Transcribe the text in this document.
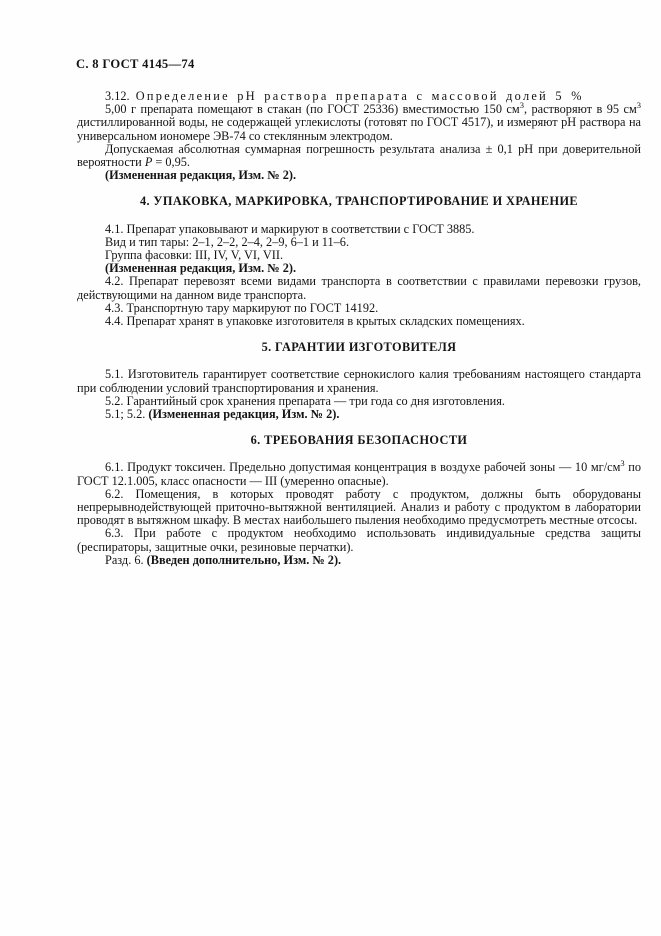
С. 8 ГОСТ 4145—74

3.12.  Определение рН раствора препарата с массовой долей 5 %

5,00 г препарата помещают в стакан (по ГОСТ 25336) вместимостью 150 $см^3$, растворяют в 95 $см^3$ дистиллированной воды, не содержащей углекислоты (готовят по ГОСТ 4517), и измеряют рН раствора на универсальном иономере ЭВ-74 со стеклянным электродом.

Допускаемая абсолютная суммарная погрешность результата анализа ± 0,1 рН при доверительной вероятности Р = 0,95.

(Измененная редакция, Изм. № 2).

4. УПАКОВКА, МАРКИРОВКА, ТРАНСПОРТИРОВАНИЕ И ХРАНЕНИЕ

4.1. Препарат упаковывают и маркируют в соответствии с ГОСТ 3885.

Вид и тип тары: 2–1, 2–2, 2–4, 2–9, 6–1 и 11–6.

Группа фасовки: III, IV, V, VI, VII.

(Измененная редакция, Изм. № 2).

4.2. Препарат перевозят всеми видами транспорта в соответствии с правилами перевозки грузов, действующими на данном виде транспорта.

4.3. Транспортную тару маркируют по ГОСТ 14192.

4.4. Препарат хранят в упаковке изготовителя в крытых складских помещениях.

5. ГАРАНТИИ ИЗГОТОВИТЕЛЯ

5.1. Изготовитель гарантирует соответствие сернокислого калия требованиям настоящего стандарта при соблюдении условий транспортирования и хранения.

5.2. Гарантийный срок хранения препарата — три года со дня изготовления.

5.1; 5.2. (Измененная редакция, Изм. № 2).

6. ТРЕБОВАНИЯ БЕЗОПАСНОСТИ

6.1. Продукт токсичен. Предельно допустимая концентрация в воздухе рабочей зоны — 10 $мг/см^3$ по ГОСТ 12.1.005, класс опасности — III (умеренно опасные).

6.2. Помещения, в которых проводят работу с продуктом, должны быть оборудованы непрерывнодействующей приточно-вытяжной вентиляцией. Анализ и работу с продуктом в лаборатории проводят в вытяжном шкафу. В местах наибольшего пыления необходимо предусмотреть местные отсосы.

6.3. При работе с продуктом необходимо использовать индивидуальные средства защиты (респираторы, защитные очки, резиновые перчатки).

Разд. 6. (Введен дополнительно, Изм. № 2).
